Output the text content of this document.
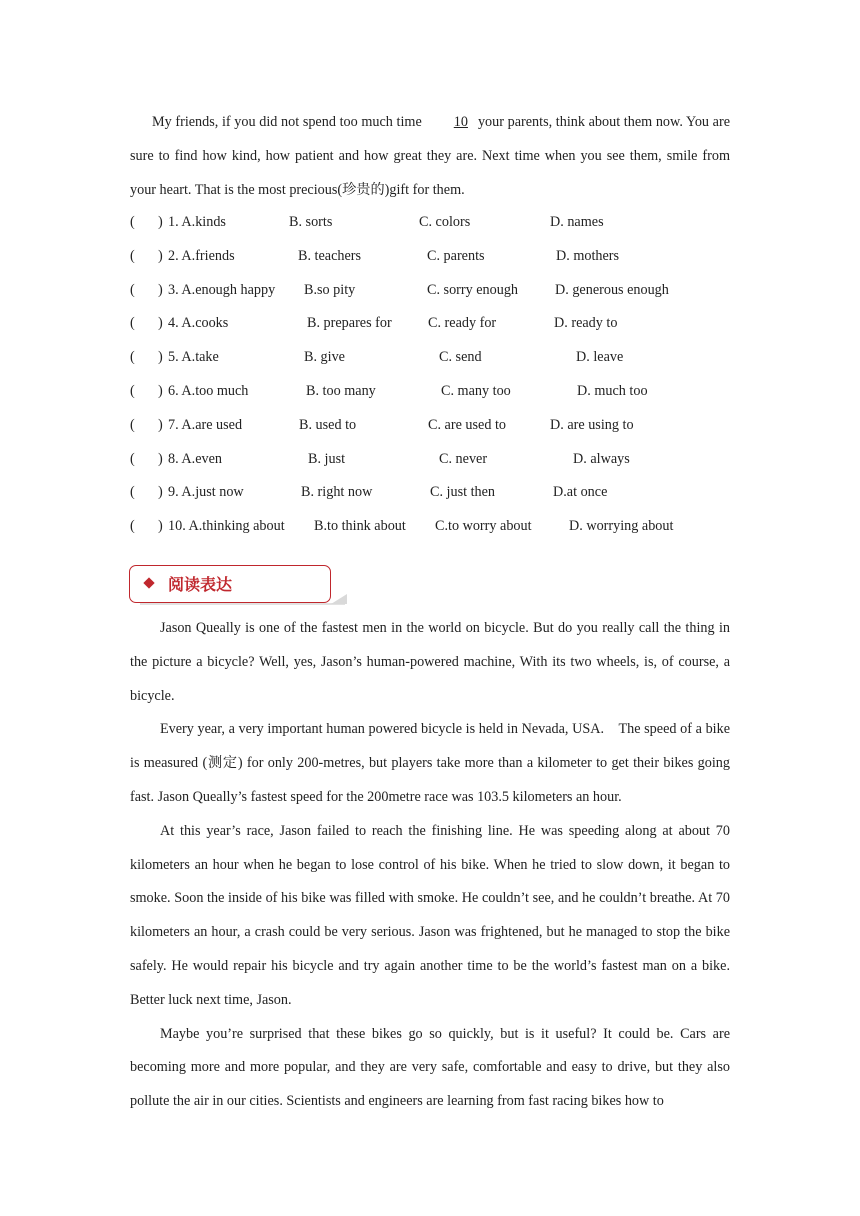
My friends, if you did not spend too much time 10 your parents, think about them now. You are sure to find how kind, how patient and how great they are. Next time when you see them, smile from your heart. That is the most precious(珍贵的)gift for them.

( ) 1. A.kinds	B. sorts	C. colors	D. names
( ) 2. A.friends	B. teachers	C. parents	D. mothers
( ) 3. A.enough happy B.so pity	C. sorry enough	D. generous enough
( ) 4. A.cooks	B. prepares for	C. ready for	D. ready to
( ) 5. A.take	B. give	C. send	D. leave
( ) 6. A.too much	B. too many	C. many too	D. much too
( ) 7. A.are used	B. used to	C. are used to	D. are using to
( ) 8. A.even	B. just	C. never	D. always
( ) 9. A.just now	B. right now	C. just then	D.at once
( ) 10. A.thinking about B.to think about C.to worry about	D. worrying about
阅读表达

Jason Queally is one of the fastest men in the world on bicycle. But do you really call the thing in the picture a bicycle? Well, yes, Jason’s human-powered machine, With its two wheels, is, of course, a bicycle.

Every year, a very important human powered bicycle is held in Nevada, USA.    The speed of a bike is measured (测定) for only 200-metres, but players take more than a kilometer to get their bikes going fast. Jason Queally’s fastest speed for the 200metre race was 103.5 kilometers an hour.

At this year’s race, Jason failed to reach the finishing line. He was speeding along at about 70 kilometers an hour when he began to lose control of his bike. When he tried to slow down, it began to smoke. Soon the inside of his bike was filled with smoke. He couldn’t see, and he couldn’t breathe. At 70 kilometers an hour, a crash could be very serious. Jason was frightened, but he managed to stop the bike safely. He would repair his bicycle and try again another time to be the world’s fastest man on a bike. Better luck next time, Jason.

Maybe you’re surprised that these bikes go so quickly, but is it useful? It could be. Cars are becoming more and more popular, and they are very safe, comfortable and easy to drive, but they also pollute the air in our cities. Scientists and engineers are learning from fast racing bikes how to
